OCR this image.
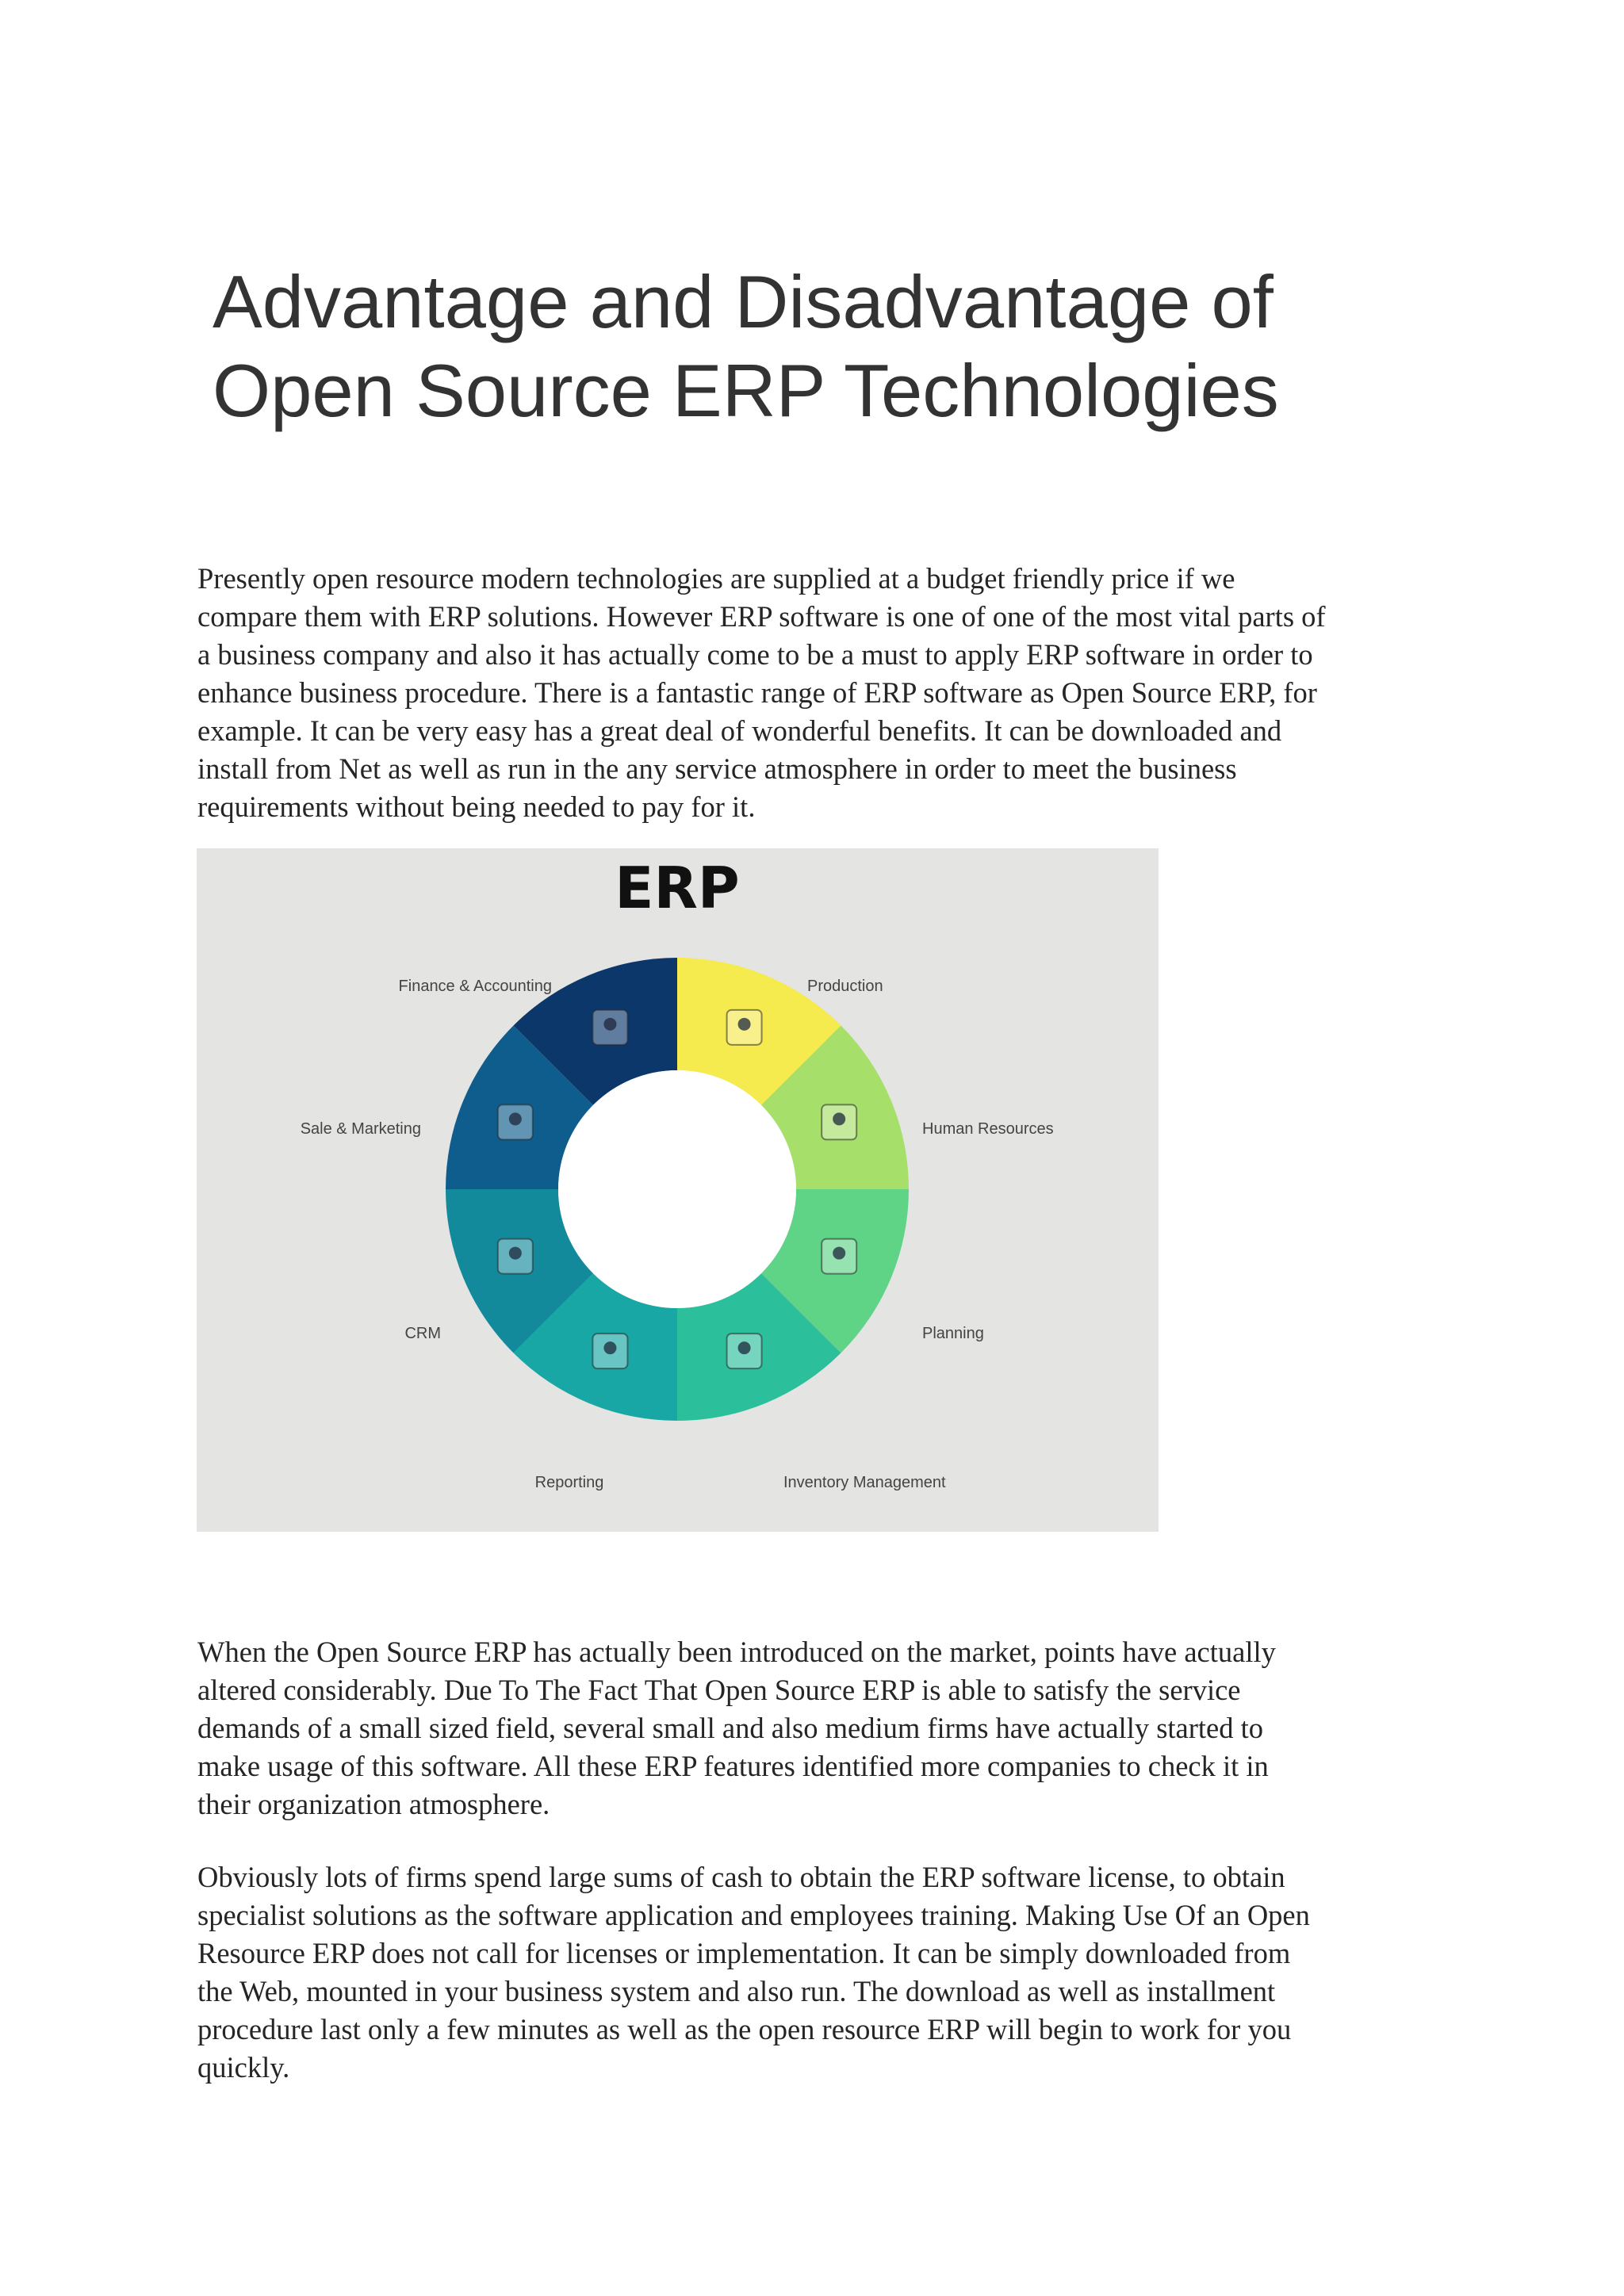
Advantage and Disadvantage of
Open Source ERP Technologies
Presently open resource modern technologies are supplied at a budget friendly price if we
compare them with ERP solutions. However ERP software is one of one of the most vital parts of
a business company and also it has actually come to be a must to apply ERP software in order to
enhance business procedure. There is a fantastic range of ERP software as Open Source ERP, for
example. It can be very easy has a great deal of wonderful benefits. It can be downloaded and
install from Net as well as run in the any service atmosphere in order to meet the business
requirements without being needed to pay for it.
ERP
Production
Human Resources
Planning
Inventory Management
Reporting
CRM
Sale & Marketing
Finance & Accounting
When the Open Source ERP has actually been introduced on the market, points have actually
altered considerably. Due To The Fact That Open Source ERP is able to satisfy the service
demands of a small sized field, several small and also medium firms have actually started to
make usage of this software. All these ERP features identified more companies to check it in
their organization atmosphere.
Obviously lots of firms spend large sums of cash to obtain the ERP software license, to obtain
specialist solutions as the software application and employees training. Making Use Of an Open
Resource ERP does not call for licenses or implementation. It can be simply downloaded from
the Web, mounted in your business system and also run. The download as well as installment
procedure last only a few minutes as well as the open resource ERP will begin to work for you
quickly.
